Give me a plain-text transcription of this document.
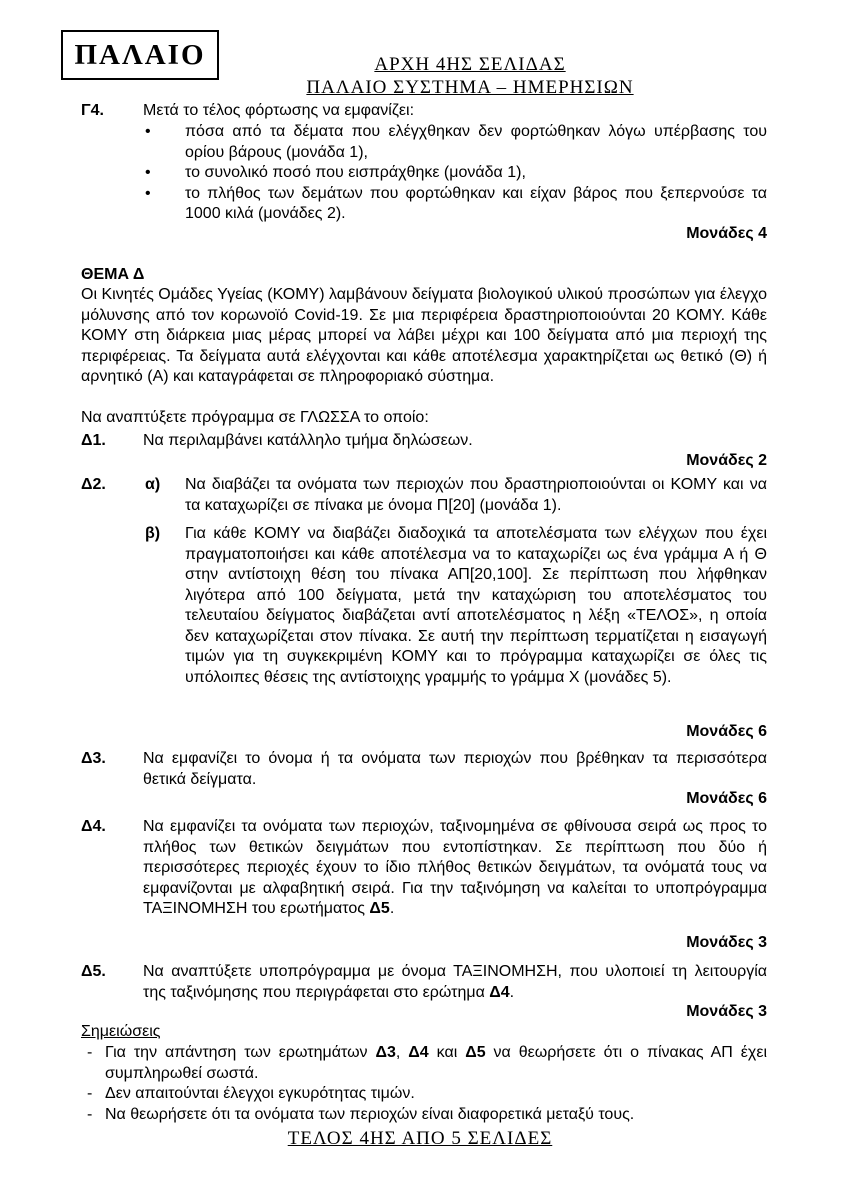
ΠΑΛΑΙΟ	ΑΡΧΗ 4ΗΣ ΣΕΛΙΔΑΣ
ΠΑΛΑΙΟ ΣΥΣΤΗΜΑ – ΗΜΕΡΗΣΙΩΝ
Γ4. Μετά το τέλος φόρτωσης να εμφανίζει:
• πόσα από τα δέματα που ελέγχθηκαν δεν φορτώθηκαν λόγω υπέρβασης του ορίου βάρους (μονάδα 1),
• το συνολικό ποσό που εισπράχθηκε (μονάδα 1),
• το πλήθος των δεμάτων που φορτώθηκαν και είχαν βάρος που ξεπερνούσε τα 1000 κιλά (μονάδες 2).
Μονάδες 4
ΘΕΜΑ Δ
Οι Κινητές Ομάδες Υγείας (ΚΟΜΥ) λαμβάνουν δείγματα βιολογικού υλικού προσώπων για έλεγχο μόλυνσης από τον κορωνοϊό Covid-19. Σε μια περιφέρεια δραστηριοποιούνται 20 ΚΟΜΥ. Κάθε ΚΟΜΥ στη διάρκεια μιας μέρας μπορεί να λάβει μέχρι και 100 δείγματα από μια περιοχή της περιφέρειας. Τα δείγματα αυτά ελέγχονται και κάθε αποτέλεσμα χαρακτηρίζεται ως θετικό (Θ) ή αρνητικό (Α) και καταγράφεται σε πληροφοριακό σύστημα.
Να αναπτύξετε πρόγραμμα σε ΓΛΩΣΣΑ το οποίο:
Δ1. Να περιλαμβάνει κατάλληλο τμήμα δηλώσεων.
Μονάδες 2
Δ2. α) Να διαβάζει τα ονόματα των περιοχών που δραστηριοποιούνται οι ΚΟΜΥ και να τα καταχωρίζει σε πίνακα με όνομα Π[20] (μονάδα 1).
β) Για κάθε ΚΟΜΥ να διαβάζει διαδοχικά τα αποτελέσματα των ελέγχων που έχει πραγματοποιήσει και κάθε αποτέλεσμα να το καταχωρίζει ως ένα γράμμα Α ή Θ στην αντίστοιχη θέση του πίνακα ΑΠ[20,100]. Σε περίπτωση που λήφθηκαν λιγότερα από 100 δείγματα, μετά την καταχώριση του αποτελέσματος του τελευταίου δείγματος διαβάζεται αντί αποτελέσματος η λέξη «ΤΕΛΟΣ», η οποία δεν καταχωρίζεται στον πίνακα. Σε αυτή την περίπτωση τερματίζεται η εισαγωγή τιμών για τη συγκεκριμένη ΚΟΜΥ και το πρόγραμμα καταχωρίζει σε όλες τις υπόλοιπες θέσεις της αντίστοιχης γραμμής το γράμμα Χ (μονάδες 5).
Μονάδες 6
Δ3. Να εμφανίζει το όνομα ή τα ονόματα των περιοχών που βρέθηκαν τα περισσότερα θετικά δείγματα.
Μονάδες 6
Δ4. Να εμφανίζει τα ονόματα των περιοχών, ταξινομημένα σε φθίνουσα σειρά ως προς το πλήθος των θετικών δειγμάτων που εντοπίστηκαν. Σε περίπτωση που δύο ή περισσότερες περιοχές έχουν το ίδιο πλήθος θετικών δειγμάτων, τα ονόματά τους να εμφανίζονται με αλφαβητική σειρά. Για την ταξινόμηση να καλείται το υποπρόγραμμα ΤΑΞΙΝΟΜΗΣΗ του ερωτήματος Δ5.
Μονάδες 3
Δ5. Να αναπτύξετε υποπρόγραμμα με όνομα ΤΑΞΙΝΟΜΗΣΗ, που υλοποιεί τη λειτουργία της ταξινόμησης που περιγράφεται στο ερώτημα Δ4.
Μονάδες 3
Σημειώσεις
- Για την απάντηση των ερωτημάτων Δ3, Δ4 και Δ5 να θεωρήσετε ότι ο πίνακας ΑΠ έχει συμπληρωθεί σωστά.
- Δεν απαιτούνται έλεγχοι εγκυρότητας τιμών.
- Να θεωρήσετε ότι τα ονόματα των περιοχών είναι διαφορετικά μεταξύ τους.
ΤΕΛΟΣ 4ΗΣ ΑΠΟ 5 ΣΕΛΙΔΕΣ
